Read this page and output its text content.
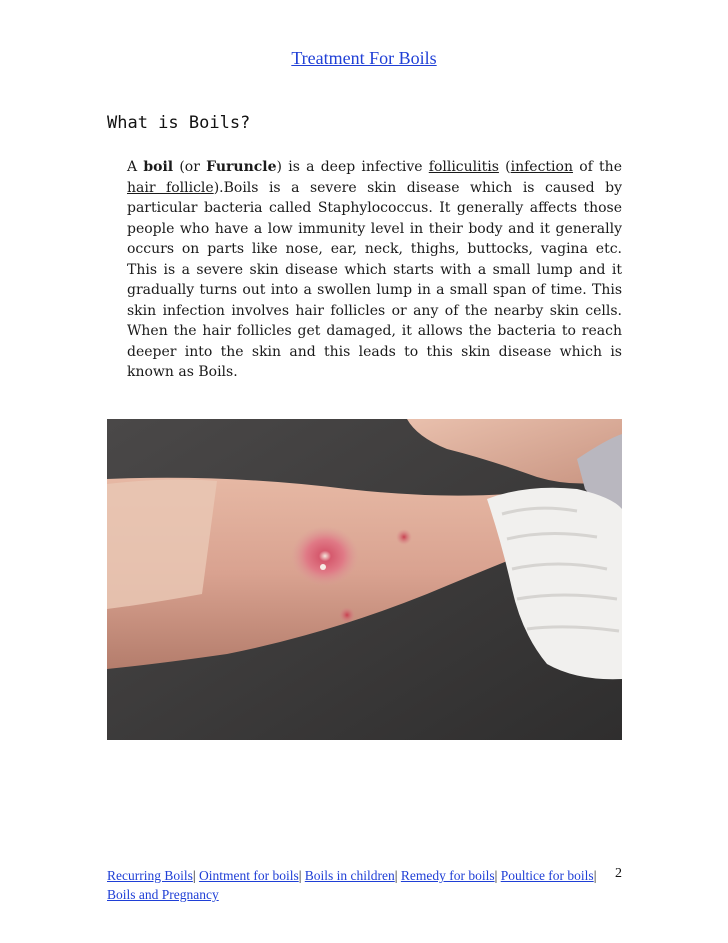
Treatment For Boils
What is Boils?
A boil (or Furuncle) is a deep infective folliculitis (infection of the hair follicle).Boils is a severe skin disease which is caused by particular bacteria called Staphylococcus. It generally affects those people who have a low immunity level in their body and it generally occurs on parts like nose, ear, neck, thighs, buttocks, vagina etc. This is a severe skin disease which starts with a small lump and it gradually turns out into a swollen lump in a small span of time. This skin infection involves hair follicles or any of the nearby skin cells. When the hair follicles get damaged, it allows the bacteria to reach deeper into the skin and this leads to this skin disease which is known as Boils.
Recurring Boils| Ointment for boils| Boils in children| Remedy for boils| Poultice for boils| Boils and Pregnancy
2
